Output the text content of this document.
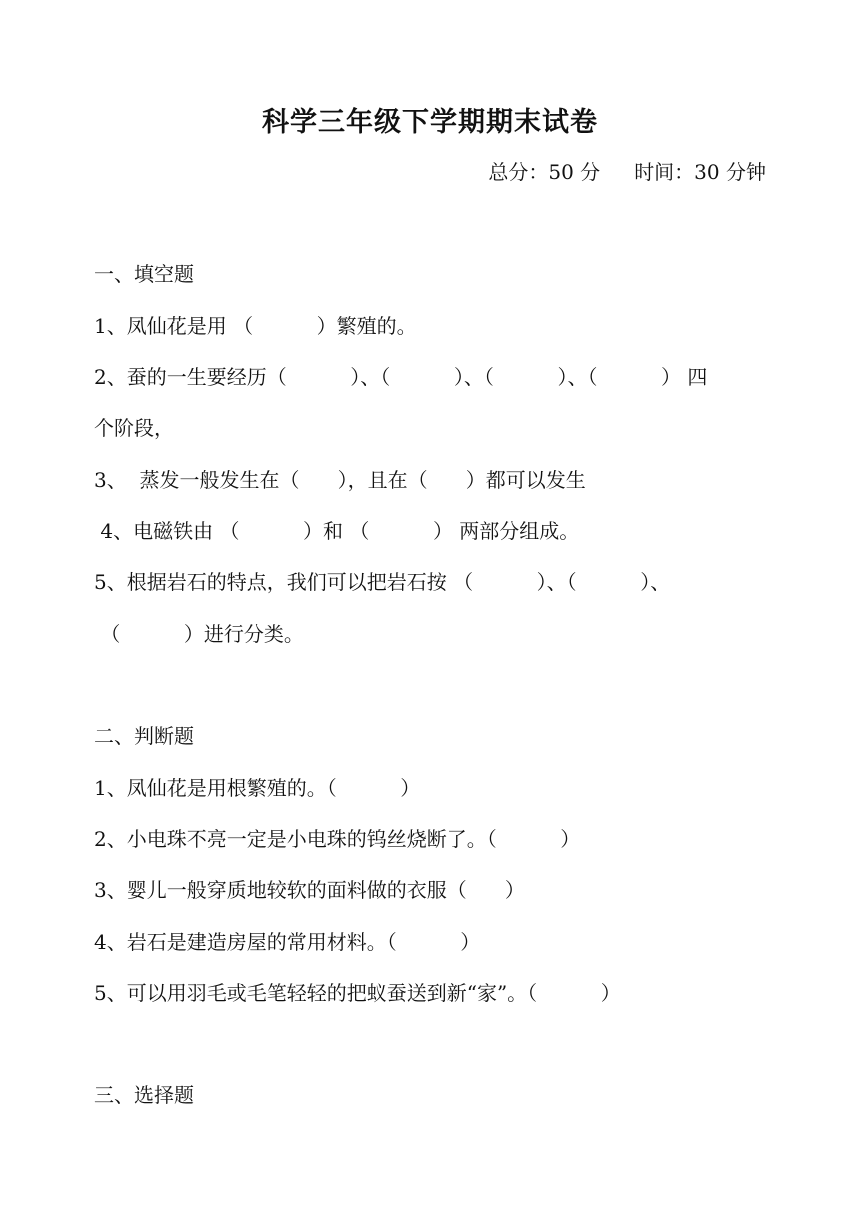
科学三年级下学期期末试卷
总分：50 分 时间：30 分钟
一、填空题
1、凤仙花是用 （          ）繁殖的。
2、蚕的一生要经历（          ）、（          ）、（          ）、（          ） 四
个阶段，
3、  蒸发一般发生在（      ），且在（      ）都可以发生
4、电磁铁由 （          ）和 （          ） 两部分组成。
5、根据岩石的特点，我们可以把岩石按 （          ）、（          ）、
（          ）进行分类。
二、判断题
1、凤仙花是用根繁殖的。（          ）
2、小电珠不亮一定是小电珠的钨丝烧断了。（          ）
3、婴儿一般穿质地较软的面料做的衣服（      ）
4、岩石是建造房屋的常用材料。（          ）
5、可以用羽毛或毛笔轻轻的把蚁蚕送到新“家”。（          ）
三、选择题
